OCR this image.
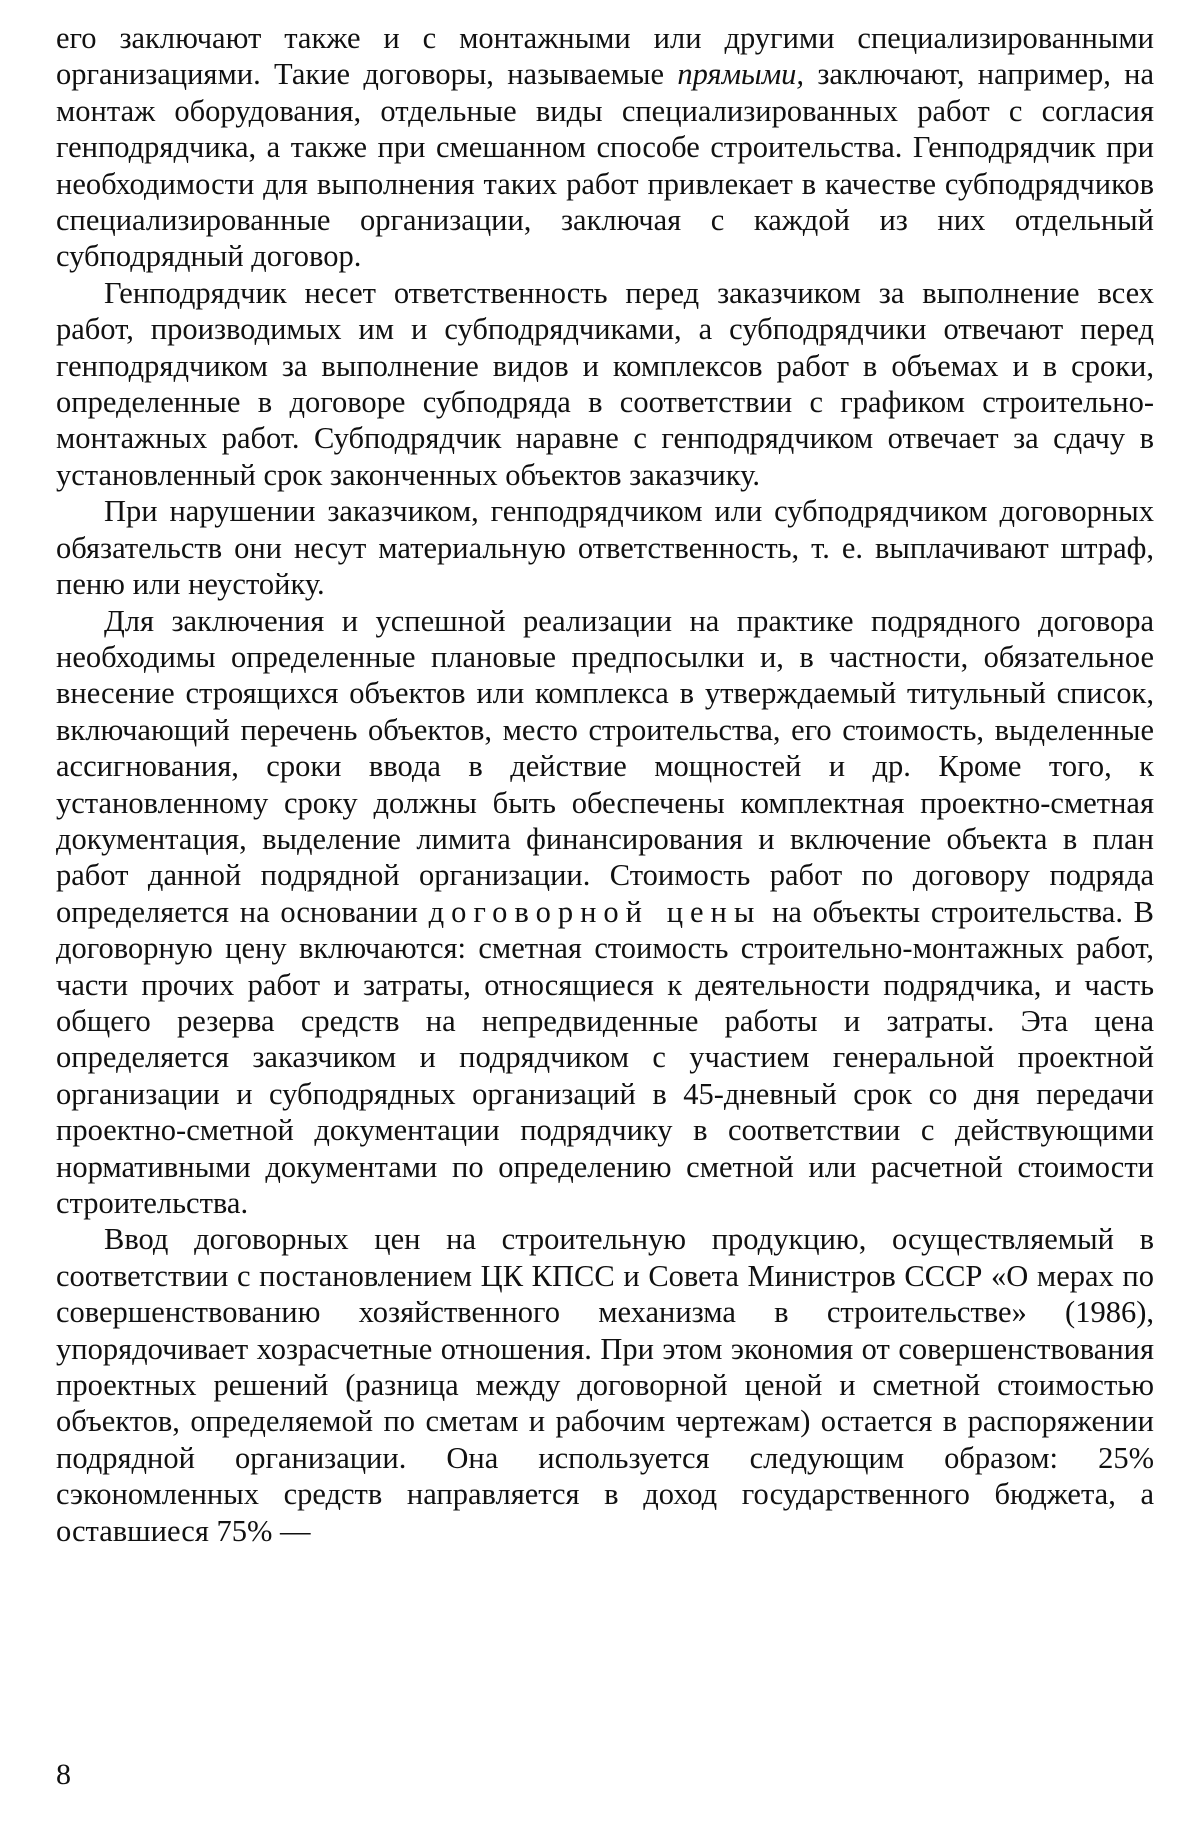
его заключают также и с монтажными или другими специализированными организациями. Такие договоры, называемые прямыми, заключают, например, на монтаж оборудования, отдельные виды специализированных работ с согласия генподрядчика, а также при смешанном способе строительства. Генподрядчик при необходимости для выполнения таких работ привлекает в качестве субподрядчиков специализированные организации, заключая с каждой из них отдельный субподрядный договор.

Генподрядчик несет ответственность перед заказчиком за выполнение всех работ, производимых им и субподрядчиками, а субподрядчики отвечают перед генподрядчиком за выполнение видов и комплексов работ в объемах и в сроки, определенные в договоре субподряда в соответствии с графиком строительно-монтажных работ. Субподрядчик наравне с генподрядчиком отвечает за сдачу в установленный срок законченных объектов заказчику.

При нарушении заказчиком, генподрядчиком или субподрядчиком договорных обязательств они несут материальную ответственность, т. е. выплачивают штраф, пеню или неустойку.

Для заключения и успешной реализации на практике подрядного договора необходимы определенные плановые предпосылки и, в частности, обязательное внесение строящихся объектов или комплекса в утверждаемый титульный список, включающий перечень объектов, место строительства, его стоимость, выделенные ассигнования, сроки ввода в действие мощностей и др. Кроме того, к установленному сроку должны быть обеспечены комплектная проектно-сметная документация, выделение лимита финансирования и включение объекта в план работ данной подрядной организации. Стоимость работ по договору подряда определяется на основании договорной цены на объекты строительства. В договорную цену включаются: сметная стоимость строительно-монтажных работ, части прочих работ и затраты, относящиеся к деятельности подрядчика, и часть общего резерва средств на непредвиденные работы и затраты. Эта цена определяется заказчиком и подрядчиком с участием генеральной проектной организации и субподрядных организаций в 45-дневный срок со дня передачи проектно-сметной документации подрядчику в соответствии с действующими нормативными документами по определению сметной или расчетной стоимости строительства.

Ввод договорных цен на строительную продукцию, осуществляемый в соответствии с постановлением ЦК КПСС и Совета Министров СССР «О мерах по совершенствованию хозяйственного механизма в строительстве» (1986), упорядочивает хозрасчетные отношения. При этом экономия от совершенствования проектных решений (разница между договорной ценой и сметной стоимостью объектов, определяемой по сметам и рабочим чертежам) остается в распоряжении подрядной организации. Она используется следующим образом: 25% сэкономленных средств направляется в доход государственного бюджета, а оставшиеся 75% —

8
